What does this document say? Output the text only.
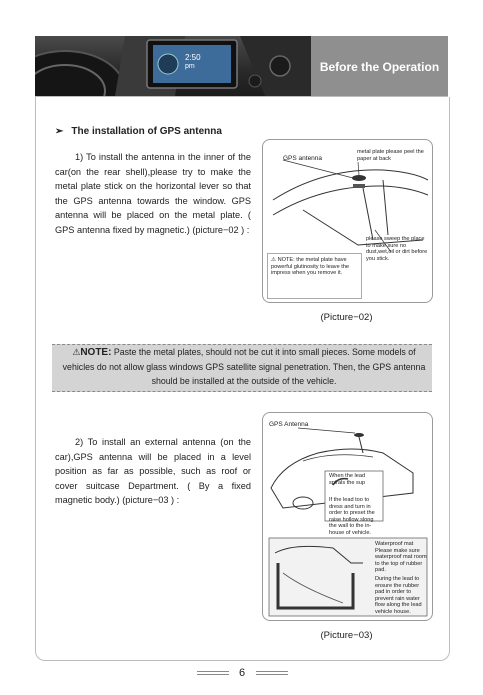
2:50
pm	Before the Operation
➢ The installation of GPS antenna
1) To install the antenna in the inner of the car(on the rear shell),please try to make the metal plate stick on the horizontal lever so that the GPS antenna towards the window. GPS antenna will be placed on the metal plate. ( GPS antenna fixed by magnetic.) (picture−02 ) :
GPS antenna
metal plate please peel the paper at back
please sweep the place to make sure no dust,wet,oil or dirt before you stick.
⚠ NOTE: the metal plate have powerful glutinosity to leave the impress when you remove it.
(Picture−02)
⚠NOTE: Paste the metal plates, should not be cut it into small pieces. Some models of vehicles do not allow glass windows GPS satellite signal penetration. Then, the GPS antenna should be installed at the outside of the vehicle.
2) To install an external antenna (on the car),GPS antenna will be placed in a level position as far as possible, such as roof or cover suitcase Department. ( By a fixed magnetic body.) (picture−03 ) :
GPS Antenna
When the lead spirals the sup
If the lead too to dress and turn in order to preset the raise hollow slong the wall to the in-house of vehicle.
Waterproof mat Please make sure waterproof mat room to the top of rubber pad.
During the lead to ensure the rubber pad in order to prevent rain water flow along the lead vehicle house.
(Picture−03)
6
